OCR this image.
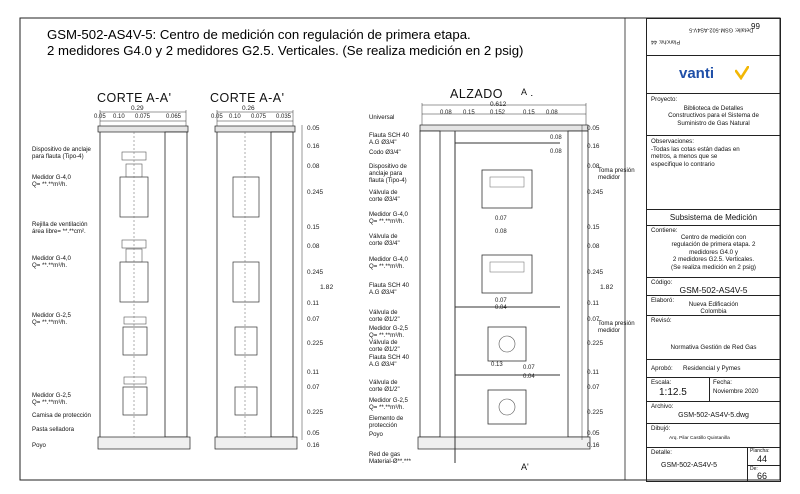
GSM-502-AS4V-5: Centro de medición con regulación de primera etapa.
2 medidores G4.0 y 2 medidores G2.5. Verticales. (Se realiza medición en 2 psig)
CORTE A-A'	CORTE A-A'	ALZADO A
A'
0.29
0.05 0.10 0.075	0.065
0.26
0.05 0.10 0.075 0.035
0.612
0.08 0.15	0.152	0.15 0.08
0.08
0.08
0.07
0.08
0.07
0.04
0.13	0.07
0.04
0.05
0.16
0.08
0.245
0.15
0.08
0.245
0.11
0.07
0.225
0.11
0.07
0.225
0.05
0.16
0.05
0.16
0.08
0.245
0.15
0.08
0.245
1.82
0.11
0.07
0.225
0.11
0.07
0.225
0.05
0.16
1.82
Dispositivo de anclaje
para flauta (Tipo-4)
Medidor G-4,0
Q= **.**m³/h.
Rejilla de ventilación
área libre= **.**cm².
Medidor G-4,0
Q= **.**m³/h.
Medidor G-2,5
Q= **.**m³/h.
Medidor G-2,5
Q= **.**m³/h.
Camisa de protección
Pasta selladora
Poyo
Universal
Flauta SCH 40
A.G Ø3/4"
Codo Ø3/4"
Dispositivo de
anclaje para
flauta (Tipo-4)
Válvula de
corte Ø3/4"
Medidor G-4,0
Q= **.**m³/h.
Válvula de
corte Ø3/4"
Medidor G-4,0
Q= **.**m³/h.
Flauta SCH 40
A.G Ø3/4"
Válvula de
corte Ø1/2"
Medidor G-2,5
Q= **.**m³/h.
Válvula de
corte Ø1/2"
Flauta SCH 40
A.G Ø3/4"
Válvula de
corte Ø1/2"
Medidor G-2,5
Q= **.**m³/h.
Elemento de
protección
Poyo
Red de gas
Material-Ø**.***
Toma presión
medidor
Toma presión
medidor
99
Detalle: GSM-502-AS4V-5
Plancha: 44
vanti
Proyecto:
Biblioteca de Detalles
Constructivos para el Sistema de
Suministro de Gas Natural
Observaciones:
-Todas las cotas están dadas en
metros, a menos que se
especifique lo contrario
Subsistema de Medición
Contiene:
Centro de medición con
regulación de primera etapa. 2
medidores G4.0 y
2 medidores G2.5. Verticales.
(Se realiza medición en 2 psig)
Código:
GSM-502-AS4V-5
Elaboró:
Nueva Edificación
Colombia
Revisó:
Normativa Gestión de Red Gas
Aprobó: Residencial y Pymes
Escala:
1:12.5
Fecha:
Noviembre 2020
Archivo:
GSM-502-AS4V-5.dwg
Dibujó:
Arq. Pilar Castillo Quintanilla
Detalle:
GSM-502-AS4V-5
Plancha:
44
De:
66
